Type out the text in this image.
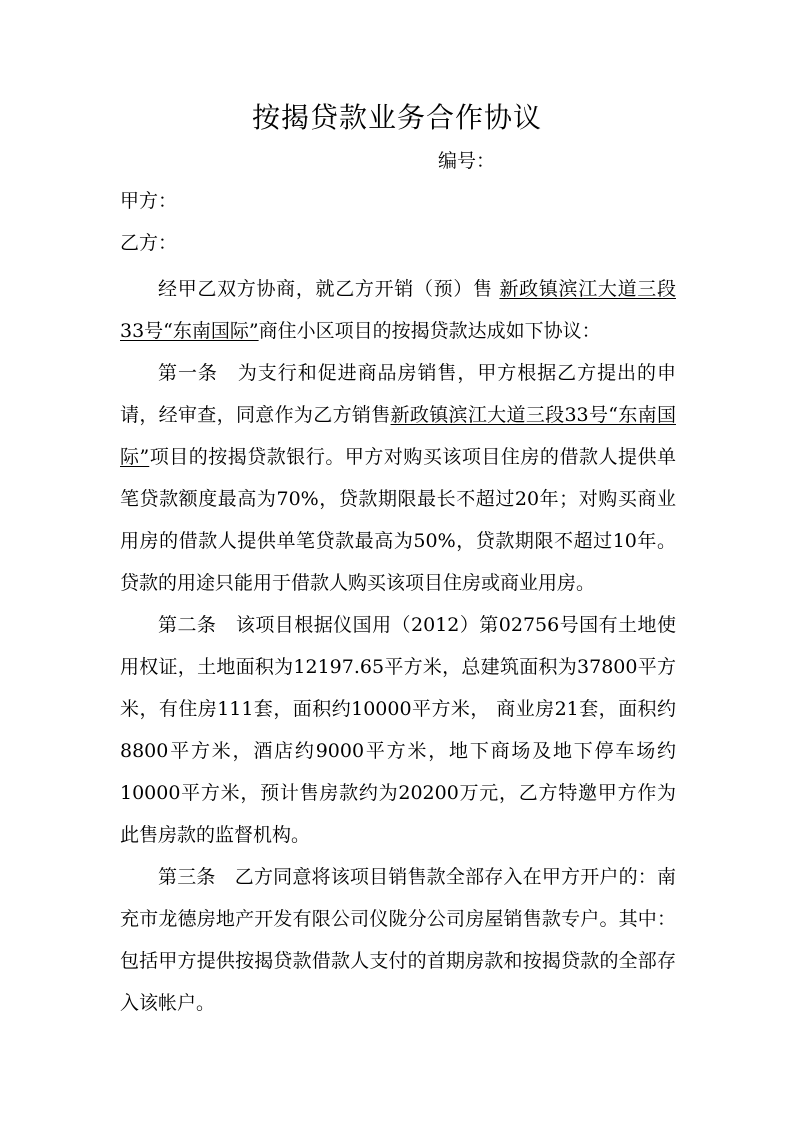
按揭贷款业务合作协议
编号：
甲方：
乙方：

经甲乙双方协商，就乙方开销（预）售 新政镇滨江大道三段33号“东南国际”商住小区项目的按揭贷款达成如下协议：

第一条　 为支行和促进商品房销售，甲方根据乙方提出的申请，经审查，同意作为乙方销售新政镇滨江大道三段33号“东南国际”项目的按揭贷款银行。甲方对购买该项目住房的借款人提供单笔贷款额度最高为70%，贷款期限最长不超过20年；对购买商业用房的借款人提供单笔贷款最高为50%，贷款期限不超过10年。贷款的用途只能用于借款人购买该项目住房或商业用房。

第二条　 该项目根据仪国用（2012）第02756号国有土地使用权证，土地面积为12197.65平方米，总建筑面积为37800平方米，有住房111套，面积约10000平方米， 商业房21套，面积约8800平方米，酒店约9000平方米，地下商场及地下停车场约10000平方米，预计售房款约为20200万元，乙方特邀甲方作为此售房款的监督机构。

第三条　 乙方同意将该项目销售款全部存入在甲方开户的：南充市龙德房地产开发有限公司仪陇分公司房屋销售款专户。其中：包括甲方提供按揭贷款借款人支付的首期房款和按揭贷款的全部存入该帐户。
